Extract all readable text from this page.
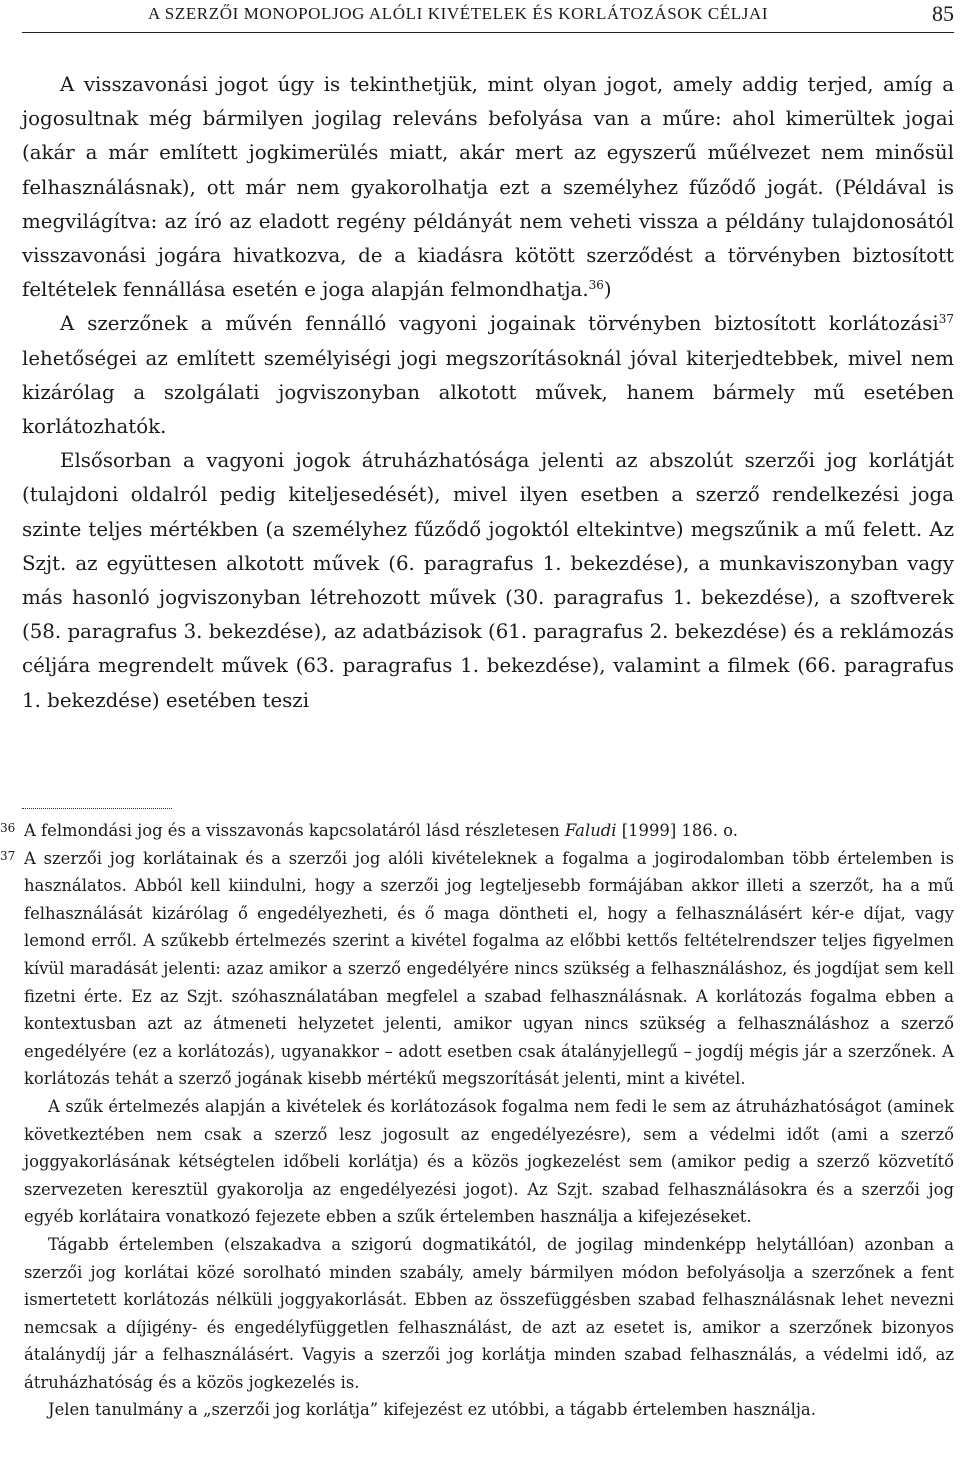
A SZERZŐI MONOPOLJOG ALÓLI KIVÉTELEK ÉS KORLÁTOZÁSOK CÉLJAI	85

A visszavonási jogot úgy is tekinthetjük, mint olyan jogot, amely addig terjed, amíg a jogosultnak még bármilyen jogilag releváns befolyása van a műre: ahol kimerültek jogai (akár a már említett jogkimerülés miatt, akár mert az egyszerű műélvezet nem minősül felhasználásnak), ott már nem gyakorolhatja ezt a személyhez fűződő jogát. (Példával is megvilágítva: az író az eladott regény példányát nem veheti vissza a példány tulajdonosától visszavonási jogára hivatkozva, de a kiadásra kötött szerződést a törvényben biztosított feltételek fennállása esetén e joga alapján felmondhatja.$^{36}$)

A szerzőnek a művén fennálló vagyoni jogainak törvényben biztosított korlátozási$^{37}$ lehetőségei az említett személyiségi jogi megszorításoknál jóval kiterjedtebbek, mivel nem kizárólag a szolgálati jogviszonyban alkotott művek, hanem bármely mű esetében korlátozhatók.

Elsősorban a vagyoni jogok átruházhatósága jelenti az abszolút szerzői jog korlátját (tulajdoni oldalról pedig kiteljesedését), mivel ilyen esetben a szerző rendelkezési joga szinte teljes mértékben (a személyhez fűződő jogoktól eltekintve) megszűnik a mű felett. Az Szjt. az együttesen alkotott művek (6. paragrafus 1. bekezdése), a munkaviszonyban vagy más hasonló jogviszonyban létrehozott művek (30. paragrafus 1. bekezdése), a szoftverek (58. paragrafus 3. bekezdése), az adatbázisok (61. paragrafus 2. bekezdése) és a reklámozás céljára megrendelt művek (63. paragrafus 1. bekezdése), valamint a filmek (66. paragrafus 1. bekezdése) esetében teszi

36 A felmondási jog és a visszavonás kapcsolatáról lásd részletesen Faludi [1999] 186. o.

37 A szerzői jog korlátainak és a szerzői jog alóli kivételeknek a fogalma a jogirodalomban több értelemben is használatos. Abból kell kiindulni, hogy a szerzői jog legteljesebb formájában akkor illeti a szerzőt, ha a mű felhasználását kizárólag ő engedélyezheti, és ő maga döntheti el, hogy a felhasználásért kér-e díjat, vagy lemond erről. A szűkebb értelmezés szerint a kivétel fogalma az előbbi kettős feltételrendszer teljes figyelmen kívül maradását jelenti: azaz amikor a szerző engedélyére nincs szükség a felhasználáshoz, és jogdíjat sem kell fizetni érte. Ez az Szjt. szóhasználatában megfelel a szabad felhasználásnak. A korlátozás fogalma ebben a kontextusban azt az átmeneti helyzetet jelenti, amikor ugyan nincs szükség a felhasználáshoz a szerző engedélyére (ez a korlátozás), ugyanakkor – adott esetben csak átalányjellegű – jogdíj mégis jár a szerzőnek. A korlátozás tehát a szerző jogának kisebb mértékű megszorítását jelenti, mint a kivétel.

A szűk értelmezés alapján a kivételek és korlátozások fogalma nem fedi le sem az átruházhatóságot (aminek következtében nem csak a szerző lesz jogosult az engedélyezésre), sem a védelmi időt (ami a szerző joggyakorlásának kétségtelen időbeli korlátja) és a közös jogkezelést sem (amikor pedig a szerző közvetítő szervezeten keresztül gyakorolja az engedélyezési jogot). Az Szjt. szabad felhasználásokra és a szerzői jog egyéb korlátaira vonatkozó fejezete ebben a szűk értelemben használja a kifejezéseket.

Tágabb értelemben (elszakadva a szigorú dogmatikától, de jogilag mindenképp helytállóan) azonban a szerzői jog korlátai közé sorolható minden szabály, amely bármilyen módon befolyásolja a szerzőnek a fent ismertetett korlátozás nélküli joggyakorlását. Ebben az összefüggésben szabad felhasználásnak lehet nevezni nemcsak a díjigény- és engedélyfüggetlen felhasználást, de azt az esetet is, amikor a szerzőnek bizonyos átalánydíj jár a felhasználásért. Vagyis a szerzői jog korlátja minden szabad felhasználás, a védelmi idő, az átruházhatóság és a közös jogkezelés is.

Jelen tanulmány a „szerzői jog korlátja” kifejezést ez utóbbi, a tágabb értelemben használja.
